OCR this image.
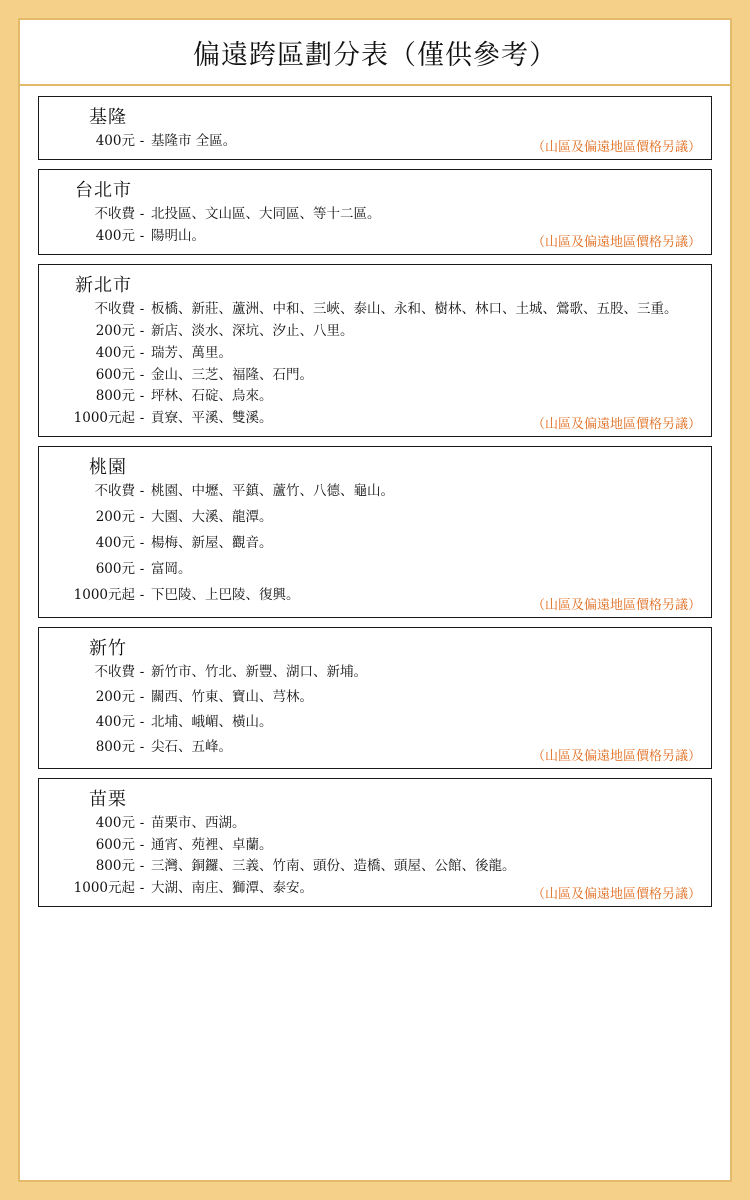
偏遠跨區劃分表（僅供參考）
基隆
400元 - 基隆市 全區。	（山區及偏遠地區價格另議）
台北市
不收費 - 北投區、文山區、大同區、等十二區。
400元 - 陽明山。	（山區及偏遠地區價格另議）
新北市
不收費 - 板橋、新莊、蘆洲、中和、三峽、泰山、永和、樹林、林口、土城、鶯歌、五股、三重。
200元 - 新店、淡水、深坑、汐止、八里。
400元 - 瑞芳、萬里。
600元 - 金山、三芝、福隆、石門。
800元 - 坪林、石碇、烏來。
1000元起 - 貢寮、平溪、雙溪。	（山區及偏遠地區價格另議）
桃園
不收費 - 桃園、中壢、平鎮、蘆竹、八德、龜山。
200元 - 大園、大溪、龍潭。
400元 - 楊梅、新屋、觀音。
600元 - 富岡。
1000元起 - 下巴陵、上巴陵、復興。
（山區及偏遠地區價格另議）
新竹
不收費 - 新竹市、竹北、新豐、湖口、新埔。
200元 - 關西、竹東、寶山、芎林。
400元 - 北埔、峨嵋、橫山。
800元 - 尖石、五峰。
（山區及偏遠地區價格另議）
苗栗
400元 - 苗栗市、西湖。
600元 - 通宵、苑裡、卓蘭。
800元 - 三灣、銅鑼、三義、竹南、頭份、造橋、頭屋、公館、後龍。
1000元起 - 大湖、南庄、獅潭、泰安。	（山區及偏遠地區價格另議）
